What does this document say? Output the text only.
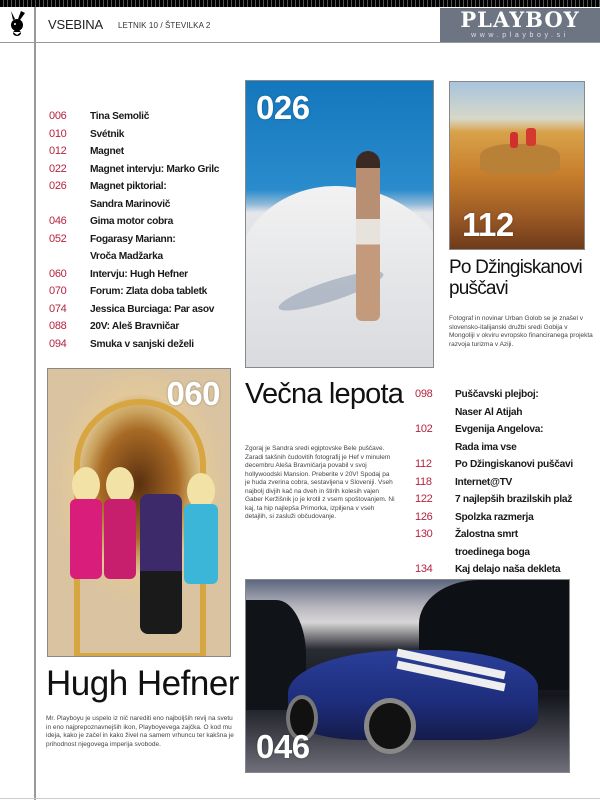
VSEBINA LETNIK 10 / ŠTEVILKA 2	PLAYBOY
www.playboy.si
006	Tina Semolič
010	Svétnik
012	Magnet
022	Magnet intervju: Marko Grilc
026	Magnet piktorial:
Sandra Marinovič
046	Gima motor cobra
052	Fogarasy Mariann:
Vroča Madžarka
060	Intervju: Hugh Hefner
070	Forum: Zlata doba tabletk
074	Jessica Burciaga: Par asov
088	20V: Aleš Bravničar
094	Smuka v sanjski deželi
026
112
Po Džingiskanovi puščavi
Fotograf in novinar Urban Golob se je znašel v slovensko-italijanski družbi sredi Gobija v Mongoliji v okviru evropsko financiranega projekta razvoja turizma v Aziji.
060 Večna lepota
Zgoraj je Sandra sredi egiptovske Bele puščave. Zaradi takšnih čudovitih fotografij je Hef v minulem decembru Aleša Bravničarja povabil v svoj hollywoodski Mansion. Preberite v 20V! Spodaj pa je huda zverina cobra, sestavljena v Sloveniji. Vseh najbolj divjih kač na dveh in štirih kolesih vajen Gaber Keržišnik jo je krotil z vsem spoštovanjem. Ni kaj, ta hip najlepša Primorka, izpiljena v vseh detajlih, si zasluži občudovanje.
098	Puščavski plejboj:
Naser Al Atijah
102	Evgenija Angelova:
Rada ima vse
112	Po Džingiskanovi puščavi
118	Internet@TV
122	7 najlepših brazilskih plaž
126	Spolzka razmerja
130	Žalostna smrt
troedinega boga
134	Kaj delajo naša dekleta
046
Hugh Hefner
Mr. Playboyu je uspelo iz nič narediti eno najboljših revij na svetu in eno najprepoznavnejših ikon, Playboyevega zajčka. O kod mu ideja, kako je začel in kako živel na samem vrhuncu ter kakšna je prihodnost njegovega imperija svobode.
